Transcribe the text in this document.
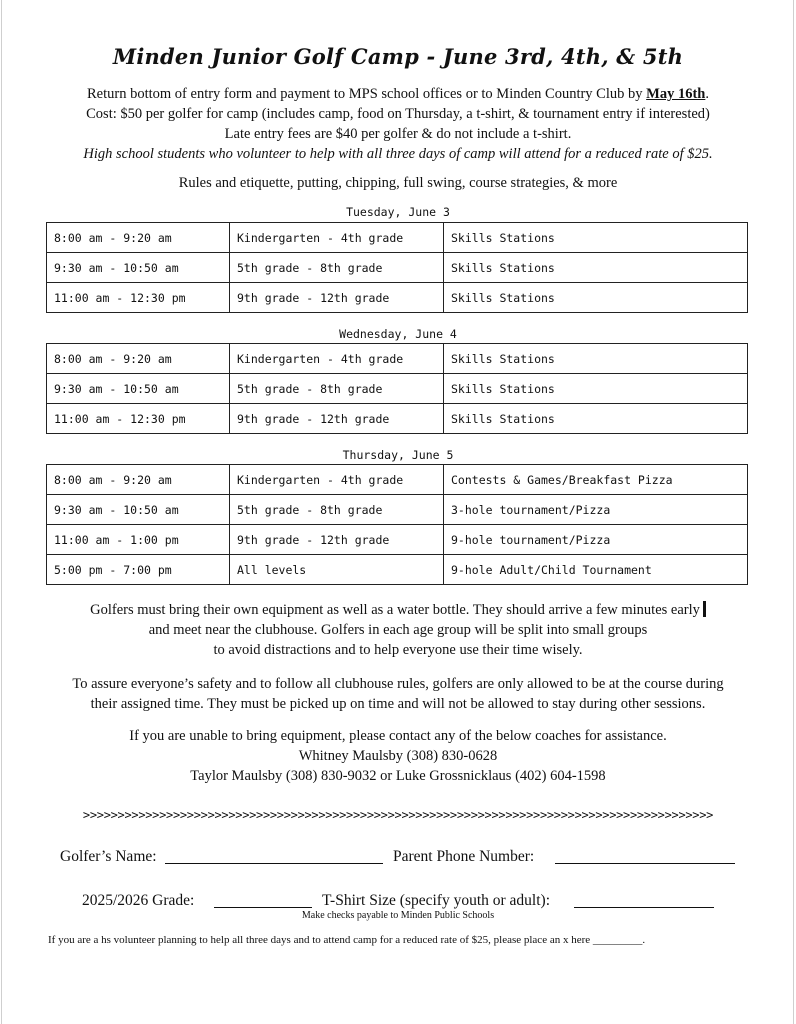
Minden Junior Golf Camp - June 3rd, 4th, & 5th
Return bottom of entry form and payment to MPS school offices or to Minden Country Club by May 16th.
Cost: $50 per golfer for camp (includes camp, food on Thursday, a t-shirt, & tournament entry if interested)
Late entry fees are $40 per golfer & do not include a t-shirt.
High school students who volunteer to help with all three days of camp will attend for a reduced rate of $25.
Rules and etiquette, putting, chipping, full swing, course strategies, & more
Tuesday, June 3
8:00 am - 9:20 am	Kindergarten - 4th grade	Skills Stations
9:30 am - 10:50 am	5th grade - 8th grade	Skills Stations
11:00 am - 12:30 pm	9th grade - 12th grade	Skills Stations
Wednesday, June 4
8:00 am - 9:20 am	Kindergarten - 4th grade	Skills Stations
9:30 am - 10:50 am	5th grade - 8th grade	Skills Stations
11:00 am - 12:30 pm	9th grade - 12th grade	Skills Stations
Thursday, June 5
8:00 am - 9:20 am	Kindergarten - 4th grade	Contests & Games/Breakfast Pizza
9:30 am - 10:50 am	5th grade - 8th grade	3-hole tournament/Pizza
11:00 am - 1:00 pm	9th grade - 12th grade	9-hole tournament/Pizza
5:00 pm - 7:00 pm	All levels	9-hole Adult/Child Tournament
Golfers must bring their own equipment as well as a water bottle. They should arrive a few minutes early
and meet near the clubhouse. Golfers in each age group will be split into small groups
to avoid distractions and to help everyone use their time wisely.
To assure everyone’s safety and to follow all clubhouse rules, golfers are only allowed to be at the course during
their assigned time. They must be picked up on time and will not be allowed to stay during other sessions.
If you are unable to bring equipment, please contact any of the below coaches for assistance.
Whitney Maulsby (308) 830-0628
Taylor Maulsby (308) 830-9032 or Luke Grossnicklaus (402) 604-1598
>>>>>>>>>>>>>>>>>>>>>>>>>>>>>>>>>>>>>>>>>>>>>>>>>>>>>>>>>>>>>>>>>>>>>>>>>>>>>>>>>>>>>>>>>>>
Golfer’s Name:	Parent Phone Number:
2025/2026 Grade:	T-Shirt Size (specify youth or adult):
Make checks payable to Minden Public Schools
If you are a hs volunteer planning to help all three days and to attend camp for a reduced rate of $25, please place an x here _________.
